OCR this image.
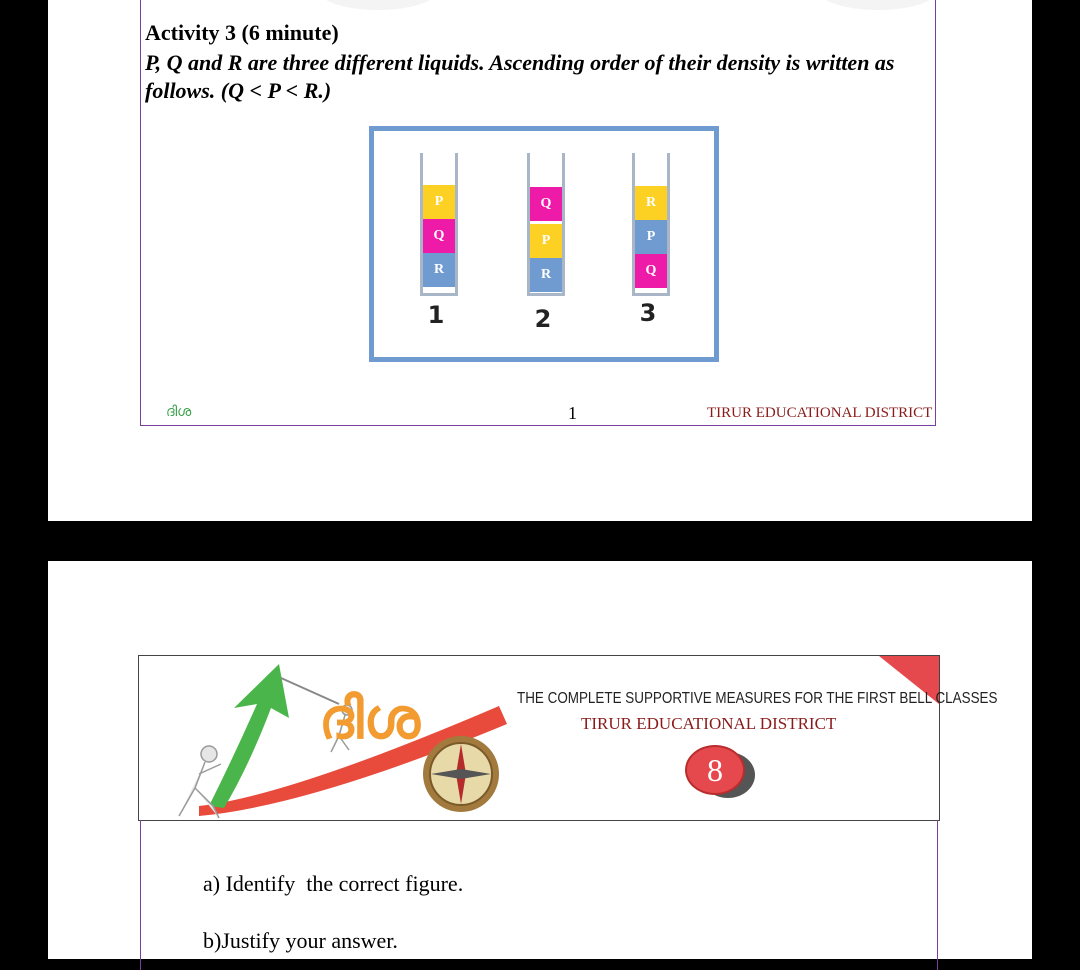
Activity 3 (6 minute)
P, Q and R are three different liquids. Ascending order of their density is written as follows. (Q < P < R.)
P
Q
R
1
Q
P
R
2
R
P
Q
3
ദിശ	1	TIRUR EDUCATIONAL DISTRICT
ദിശ	THE COMPLETE SUPPORTIVE MEASURES FOR THE FIRST BELL CLASSES
TIRUR EDUCATIONAL DISTRICT
8
a) Identify  the correct figure.
b)Justify your answer.
